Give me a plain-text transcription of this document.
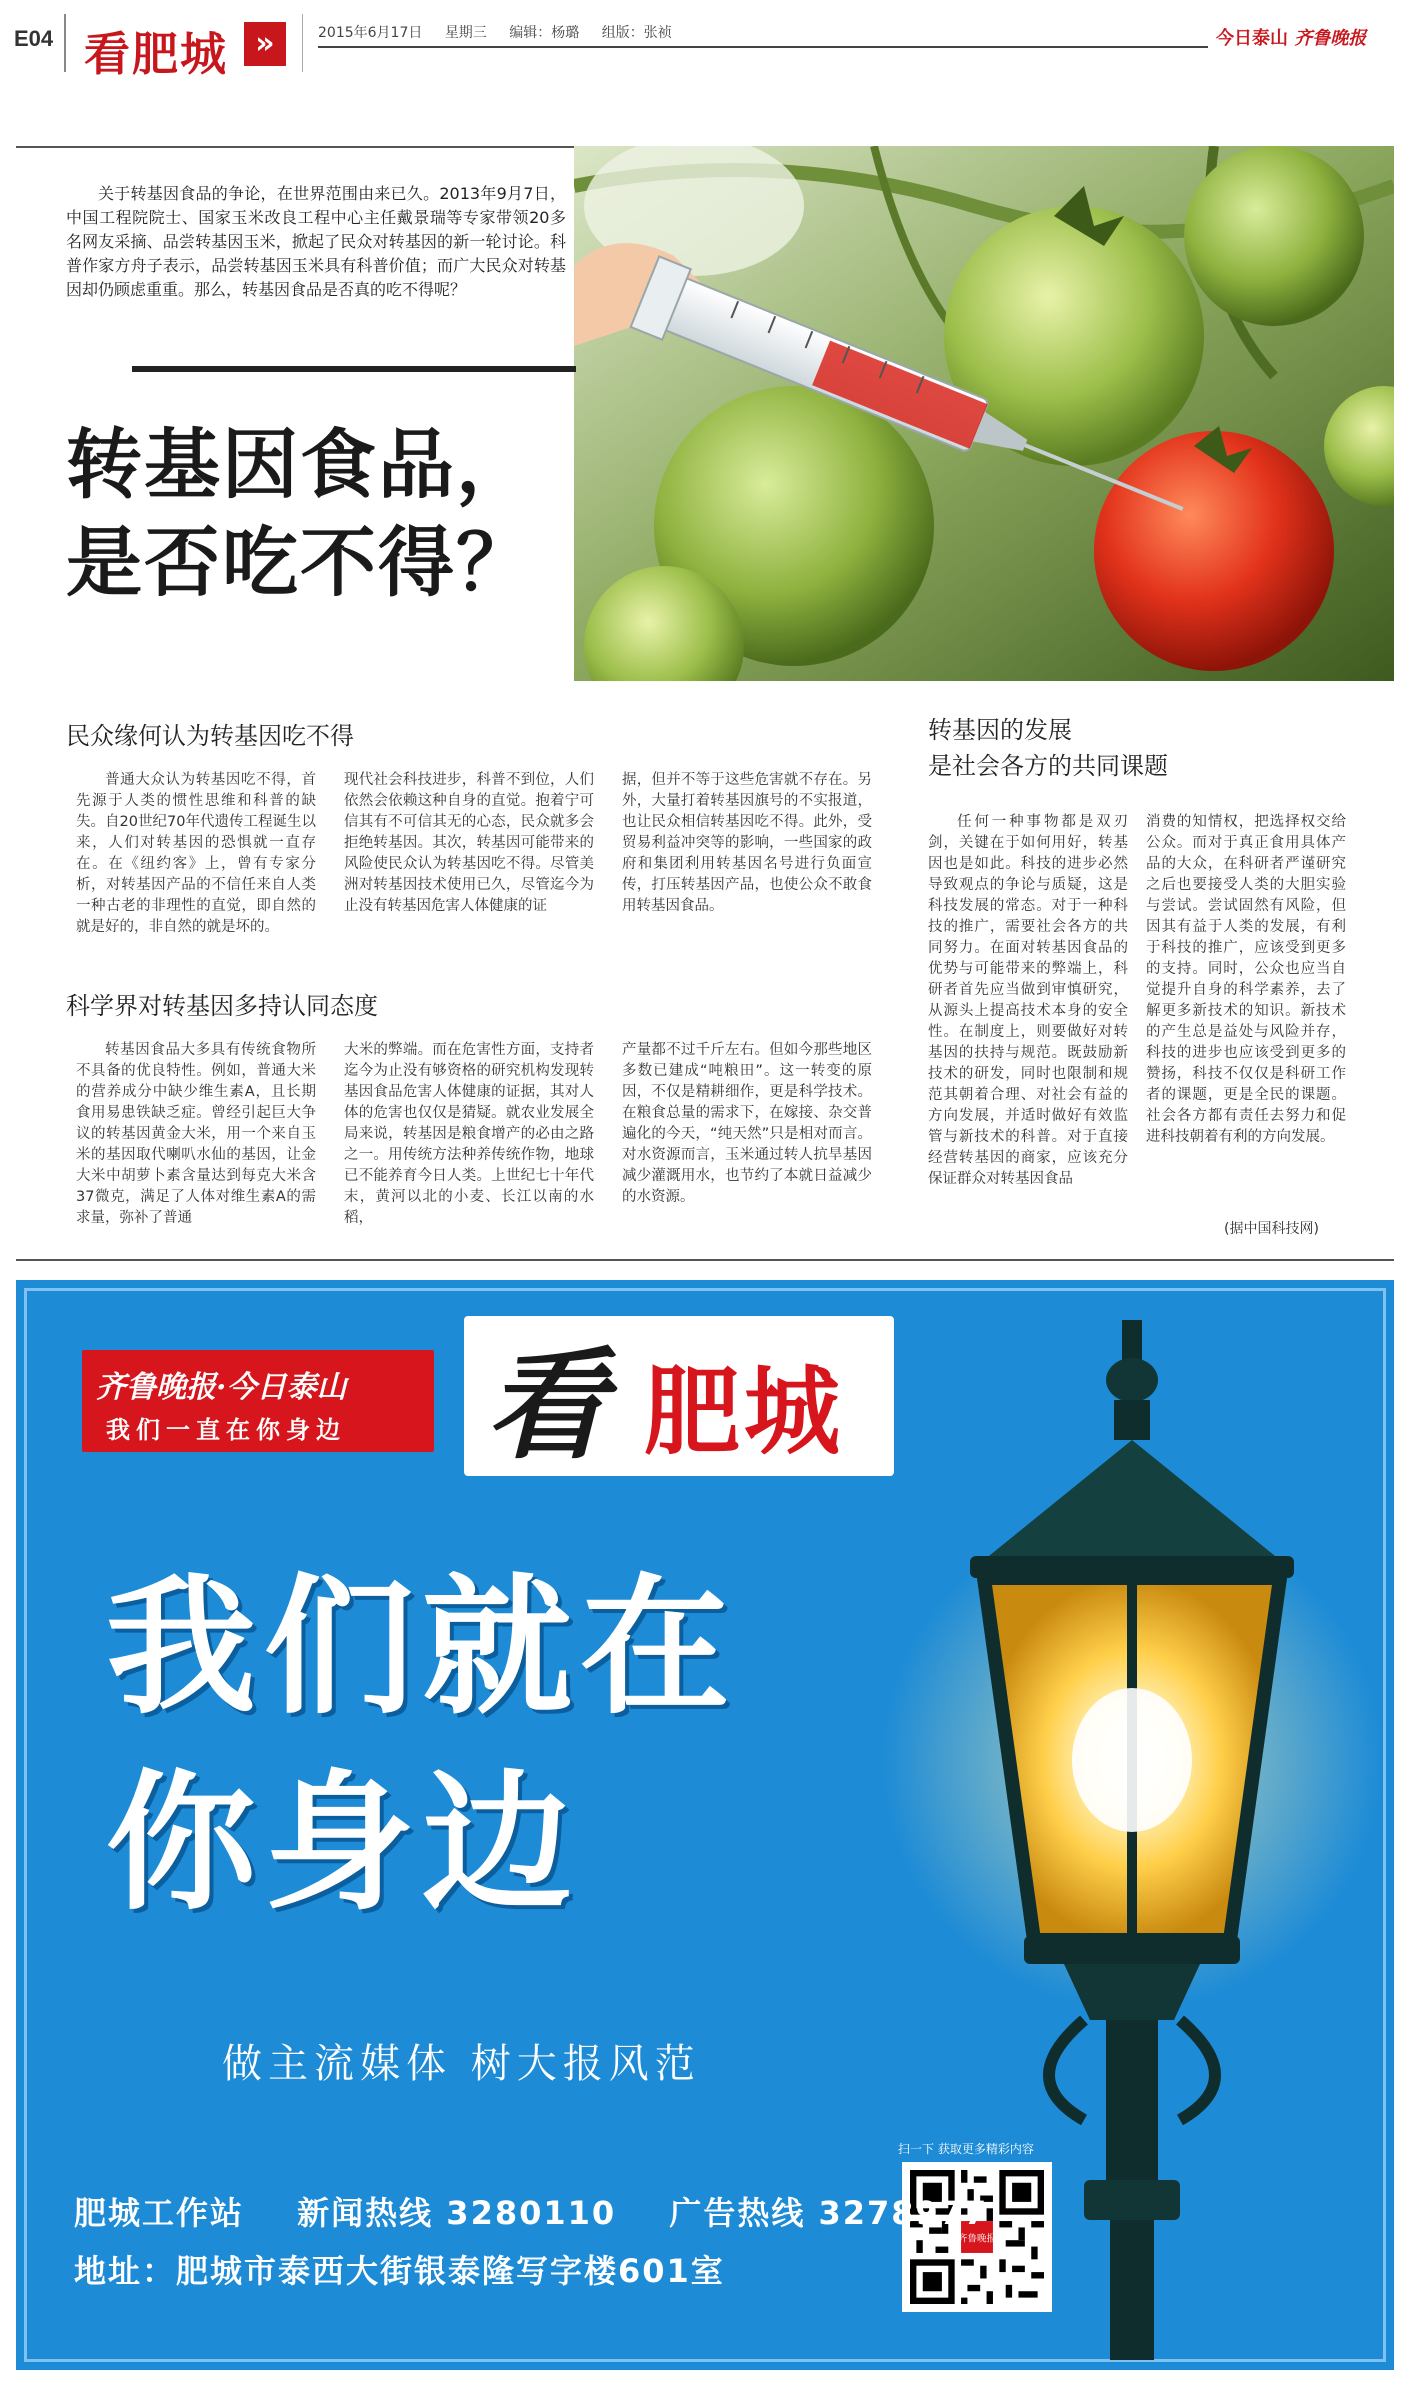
E04 看肥城 »	2015年6月17日 星期三 编辑：杨璐 组版：张祯	今日泰山 齐鲁晚报
关于转基因食品的争论，在世界范围由来已久。2013年9月7日，中国工程院院士、国家玉米改良工程中心主任戴景瑞等专家带领20多名网友采摘、品尝转基因玉米，掀起了民众对转基因的新一轮讨论。科普作家方舟子表示，品尝转基因玉米具有科普价值；而广大民众对转基因却仍顾虑重重。那么，转基因食品是否真的吃不得呢？
转基因食品，
是否吃不得？
民众缘何认为转基因吃不得
普通大众认为转基因吃不得，首先源于人类的惯性思维和科普的缺失。自20世纪70年代遗传工程诞生以来，人们对转基因的恐惧就一直存在。在《纽约客》上，曾有专家分析，对转基因产品的不信任来自人类一种古老的非理性的直觉，即自然的就是好的，非自然的就是坏的。
现代社会科技进步，科普不到位，人们依然会依赖这种自身的直觉。抱着宁可信其有不可信其无的心态，民众就多会拒绝转基因。其次，转基因可能带来的风险使民众认为转基因吃不得。尽管美洲对转基因技术使用已久，尽管迄今为止没有转基因危害人体健康的证
据，但并不等于这些危害就不存在。另外，大量打着转基因旗号的不实报道，也让民众相信转基因吃不得。此外，受贸易利益冲突等的影响，一些国家的政府和集团利用转基因名号进行负面宣传，打压转基因产品，也使公众不敢食用转基因食品。
科学界对转基因多持认同态度
转基因食品大多具有传统食物所不具备的优良特性。例如，普通大米的营养成分中缺少维生素A，且长期食用易患铁缺乏症。曾经引起巨大争议的转基因黄金大米，用一个来自玉米的基因取代喇叭水仙的基因，让金大米中胡萝卜素含量达到每克大米含37微克，满足了人体对维生素A的需求量，弥补了普通
大米的弊端。而在危害性方面，支持者迄今为止没有够资格的研究机构发现转基因食品危害人体健康的证据，其对人体的危害也仅仅是猜疑。就农业发展全局来说，转基因是粮食增产的必由之路之一。用传统方法种养传统作物，地球已不能养育今日人类。上世纪七十年代末，黄河以北的小麦、长江以南的水稻，
产量都不过千斤左右。但如今那些地区多数已建成“吨粮田”。这一转变的原因，不仅是精耕细作，更是科学技术。在粮食总量的需求下，在嫁接、杂交普遍化的今天，“纯天然”只是相对而言。对水资源而言，玉米通过转人抗旱基因减少灌溉用水，也节约了本就日益减少的水资源。
转基因的发展
是社会各方的共同课题
任何一种事物都是双刃剑，关键在于如何用好，转基因也是如此。科技的进步必然导致观点的争论与质疑，这是科技发展的常态。对于一种科技的推广，需要社会各方的共同努力。在面对转基因食品的优势与可能带来的弊端上，科研者首先应当做到审慎研究，从源头上提高技术本身的安全性。在制度上，则要做好对转基因的扶持与规范。既鼓励新技术的研发，同时也限制和规范其朝着合理、对社会有益的方向发展，并适时做好有效监管与新技术的科普。对于直接经营转基因的商家，应该充分保证群众对转基因食品
消费的知情权，把选择权交给公众。而对于真正食用具体产品的大众，在科研者严谨研究之后也要接受人类的大胆实验与尝试。尝试固然有风险，但因其有益于人类的发展，有利于科技的推广，应该受到更多的支持。同时，公众也应当自觉提升自身的科学素养，去了解更多新技术的知识。新技术的产生总是益处与风险并存，科技的进步也应该受到更多的赞扬，科技不仅仅是科研工作者的课题，更是全民的课题。社会各方都有责任去努力和促进科技朝着有利的方向发展。
(据中国科技网)
齐鲁晚报·今日泰山
我们一直在你身边 看 肥城
我们就在
你身边
做主流媒体 树大报风范
扫一下 获取更多精彩内容
齐鲁晚报
肥城工作站 新闻热线 3280110 广告热线 3278977
地址：肥城市泰西大街银泰隆写字楼601室
